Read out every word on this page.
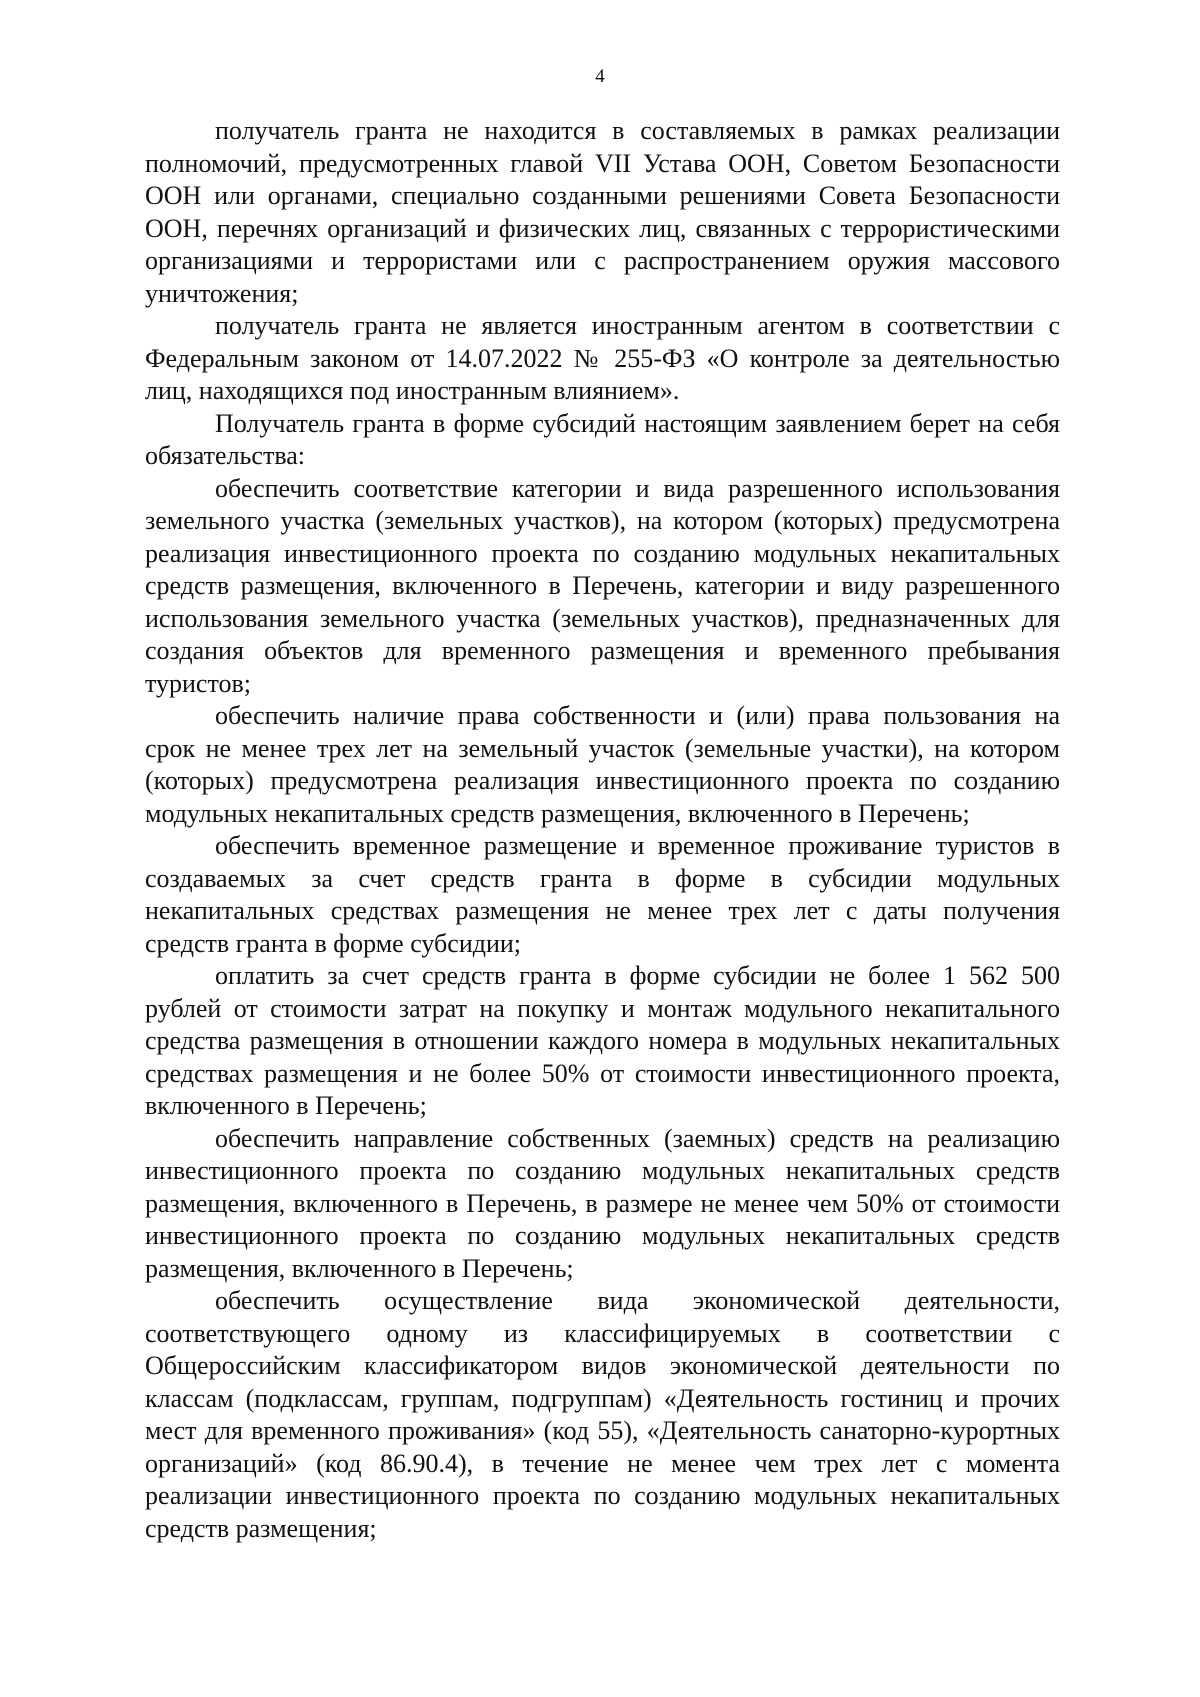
4

получатель гранта не находится в составляемых в рамках реализации полномочий, предусмотренных главой VII Устава ООН, Советом Безопасности ООН или органами, специально созданными решениями Совета Безопасности ООН, перечнях организаций и физических лиц, связанных с террористическими организациями и террористами или с распространением оружия массового уничтожения;

получатель гранта не является иностранным агентом в соответствии с Федеральным законом от 14.07.2022 № 255-ФЗ «О контроле за деятельностью лиц, находящихся под иностранным влиянием».

Получатель гранта в форме субсидий настоящим заявлением берет на себя обязательства:

обеспечить соответствие категории и вида разрешенного использования земельного участка (земельных участков), на котором (которых) предусмотрена реализация инвестиционного проекта по созданию модульных некапитальных средств размещения, включенного в Перечень, категории и виду разрешенного использования земельного участка (земельных участков), предназначенных для создания объектов для временного размещения и временного пребывания туристов;

обеспечить наличие права собственности и (или) права пользования на срок не менее трех лет на земельный участок (земельные участки), на котором (которых) предусмотрена реализация инвестиционного проекта по созданию модульных некапитальных средств размещения, включенного в Перечень;

обеспечить временное размещение и временное проживание туристов в создаваемых за счет средств гранта в форме в субсидии модульных некапитальных средствах размещения не менее трех лет с даты получения средств гранта в форме субсидии;

оплатить за счет средств гранта в форме субсидии не более 1 562 500 рублей от стоимости затрат на покупку и монтаж модульного некапитального средства размещения в отношении каждого номера в модульных некапитальных средствах размещения и не более 50% от стоимости инвестиционного проекта, включенного в Перечень;

обеспечить направление собственных (заемных) средств на реализацию инвестиционного проекта по созданию модульных некапитальных средств размещения, включенного в Перечень, в размере не менее чем 50% от стоимости инвестиционного проекта по созданию модульных некапитальных средств размещения, включенного в Перечень;

обеспечить осуществление вида экономической деятельности, соответствующего одному из классифицируемых в соответствии с Общероссийским классификатором видов экономической деятельности по классам (подклассам, группам, подгруппам) «Деятельность гостиниц и прочих мест для временного проживания» (код 55), «Деятельность санаторно-курортных организаций» (код 86.90.4), в течение не менее чем трех лет с момента реализации инвестиционного проекта по созданию модульных некапитальных средств размещения;
